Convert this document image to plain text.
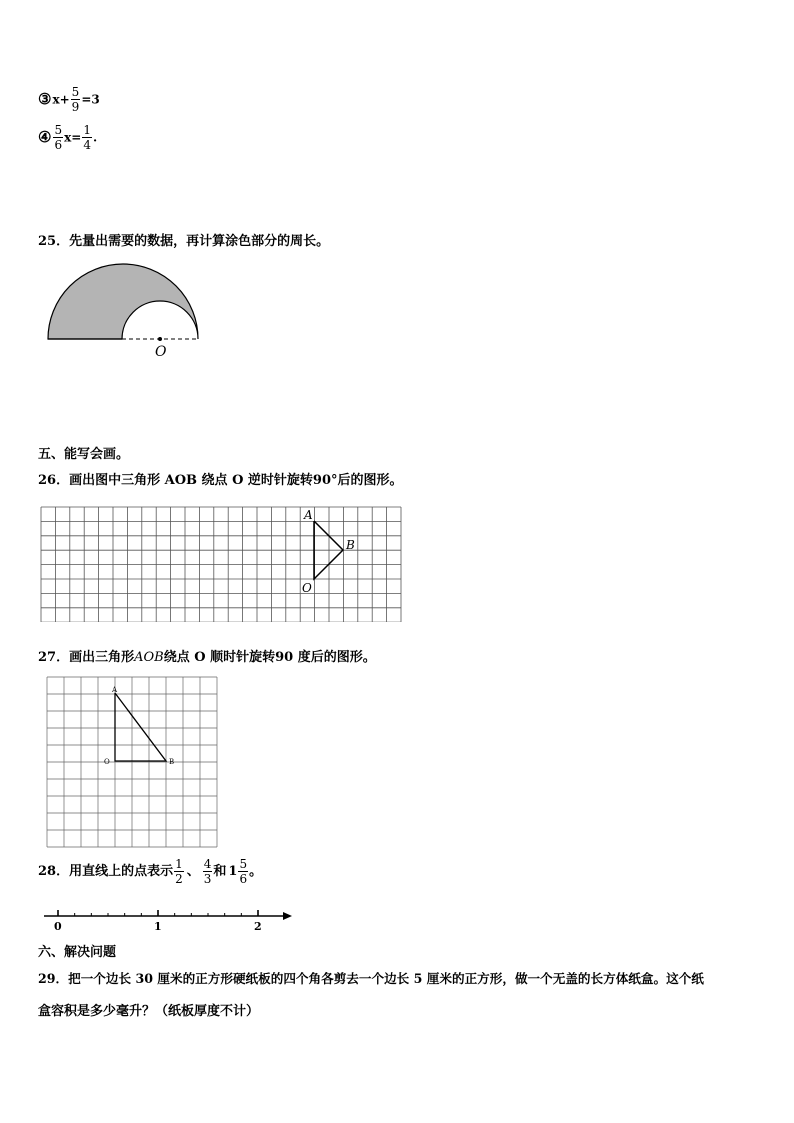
③x+ $\frac{5}{9} =3$
④ $\frac{5}{6} x= \frac{1}{4}$ .
25．先量出需要的数据，再计算涂色部分的周长。
O
五、能写会画。
26．画出图中三角形 AOB 绕点 O 逆时针旋转90°后的图形。
A
B
O
27．画出三角形AOB绕点 O 顺时针旋转90 度后的图形。
A
O	B
28．用直线上的点表示 $\frac{1}{2}$ 、 $\frac{4}{3}$ 和 $1 \frac{5}{6}$ 。
0	1	2
六、解决问题
29．把一个边长 30 厘米的正方形硬纸板的四个角各剪去一个边长 5 厘米的正方形，做一个无盖的长方体纸盒。这个纸
盒容积是多少毫升？（纸板厚度不计）
